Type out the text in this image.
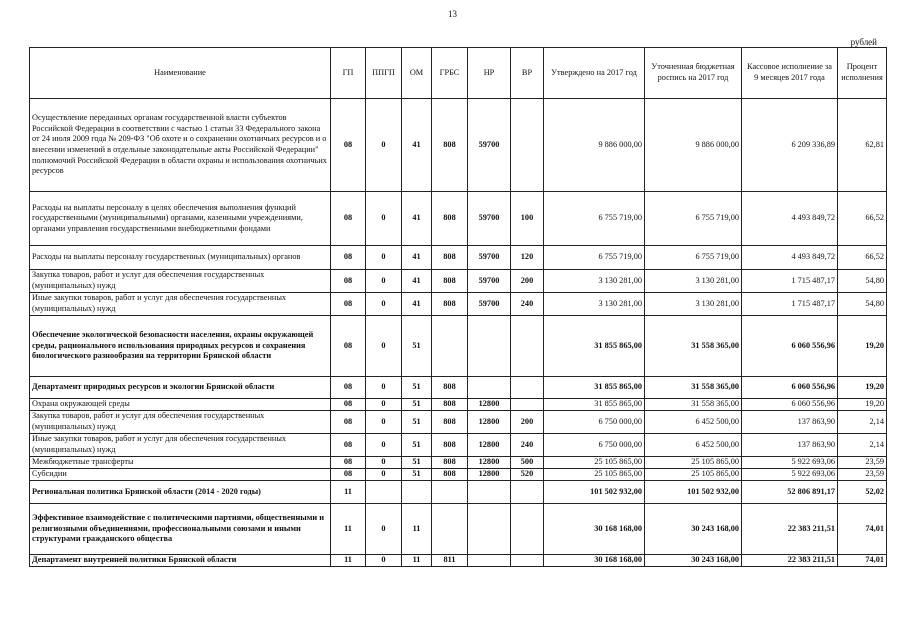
13
рублей
Наименование	ГП	ППГП	ОМ	ГРБС	НР	ВР	Утверждено на 2017 год	Уточненная бюджетная роспись на 2017 год	Кассовое исполнение за 9 месяцев 2017 года	Процент исполнения
Осуществление переданных органам государственной власти субъектов Российской Федерации в соответствии с частью 1 статьи 33 Федерального закона от 24 июля 2009 года № 209-ФЗ "Об охоте и о сохранении охотничьих ресурсов и о внесении изменений в отдельные законодательные акты Российской Федерации" полномочий Российской Федерации в области охраны и использования охотничьих ресурсов	08	0	41	808	59700		9 886 000,00	9 886 000,00	6 209 336,89	62,81
Расходы на выплаты персоналу в целях обеспечения выполнения функций государственными (муниципальными) органами, казенными учреждениями, органами управления государственными внебюджетными фондами	08	0	41	808	59700	100	6 755 719,00	6 755 719,00	4 493 849,72	66,52
Расходы на выплаты персоналу государственных (муниципальных) органов	08	0	41	808	59700	120	6 755 719,00	6 755 719,00	4 493 849,72	66,52
Закупка товаров, работ и услуг для обеспечения государственных (муниципальных) нужд	08	0	41	808	59700	200	3 130 281,00	3 130 281,00	1 715 487,17	54,80
Иные закупки товаров, работ и услуг для обеспечения государственных (муниципальных) нужд	08	0	41	808	59700	240	3 130 281,00	3 130 281,00	1 715 487,17	54,80
Обеспечение экологической безопасности населения, охраны окружающей среды, рационального использования природных ресурсов и сохранения биологического разнообразия на территории Брянской области	08	0	51				31 855 865,00	31 558 365,00	6 060 556,96	19,20
Департамент природных ресурсов и экологии Брянской области	08	0	51	808			31 855 865,00	31 558 365,00	6 060 556,96	19,20
Охрана окружающей среды	08	0	51	808	12800		31 855 865,00	31 558 365,00	6 060 556,96	19,20
Закупка товаров, работ и услуг для обеспечения государственных (муниципальных) нужд	08	0	51	808	12800	200	6 750 000,00	6 452 500,00	137 863,90	2,14
Иные закупки товаров, работ и услуг для обеспечения государственных (муниципальных) нужд	08	0	51	808	12800	240	6 750 000,00	6 452 500,00	137 863,90	2,14
Межбюджетные трансферты	08	0	51	808	12800	500	25 105 865,00	25 105 865,00	5 922 693,06	23,59
Субсидии	08	0	51	808	12800	520	25 105 865,00	25 105 865,00	5 922 693,06	23,59
Региональная политика Брянской области (2014 - 2020 годы)	11						101 502 932,00	101 502 932,00	52 806 891,17	52,02
Эффективное взаимодействие с политическими партиями, общественными и религиозными объединениями, профессиональными союзами и иными структурами гражданского общества	11	0	11				30 168 168,00	30 243 168,00	22 383 211,51	74,01
Департамент внутренней политики Брянской области	11	0	11	811			30 168 168,00	30 243 168,00	22 383 211,51	74,01
